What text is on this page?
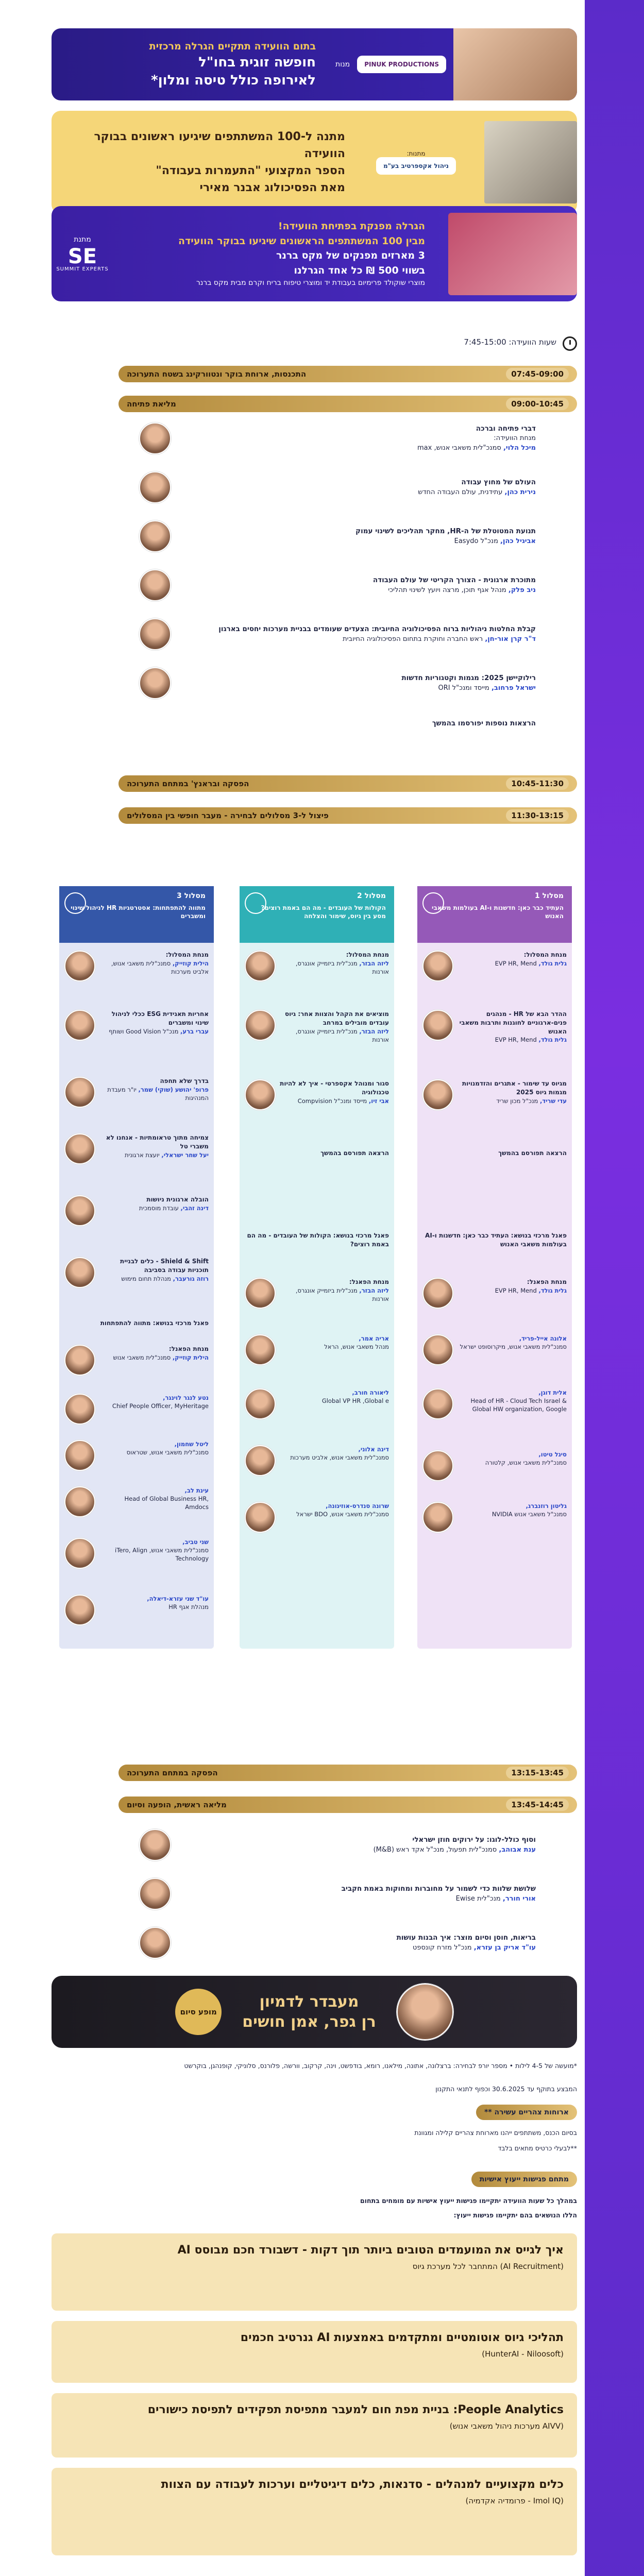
PINUK PRODUCTIONS
מנות
בתום הוועידה תתקיים הגרלה מרכזית
חופשה זוגית בחו"ל
לאירופה כולל טיסה ומלון*
מתנות:
ניהול אקספרטיב בע"מ
מתנה ל-100 המשתתפים שיגיעו ראשונים בבוקר הוועידה
הספר המקצועי "התעמרות בעבודה"
מאת הפסיכולוג אבנר מאירי
הגרלה מפנקת בפתיחת הוועידה!
מבין 100 המשתתפים הראשונים שיגיעו בבוקר הוועידה
3 מארזים מפנקים של מקס ברנר
בשווי 500 ₪ כל אחד הגרלנו

מוצרי שוקולד פרימיום בעבודת יד ומוצרי טיפוח בריח וקרם מבית מקס ברנר

מתנת
SE
SUMMIT EXPERTS
שעות הוועידה: 7:45-15:00
07:45-09:00
התכנסות, ארוחת בוקר ונטוורקינג בשטח התערוכה
09:00-10:45
מליאת פתיחה
דברי פתיחה וברכה
מנחת הוועידה:
מיכל הלוי, סמנכ"לית משאבי אנוש, max
העולם של מחוץ עבודה
נירית כהן, עתידנית, עולם העבודה החדש
תנועת המטוטלת של ה-HR, מחקר תהליכים לשינוי עמוק
אביגיל כהן, מנכ"ל Easydo
מתוכרת ארגונית - הצורך הקריטי של עולם העבודה
ניב פלק, מנהל אגף תוכן, מרצה ויועץ לשינוי תהליכי
קבלת החלטות ניהוליות ברוח הפסיכולוגיה החיובית: הצעדים שעומדים בבניית מערכות יחסים בארגון
ד"ר קרן אור-חן, ראש החברה וחוקרת בתחום הפסיכולוגיה החיובית
רילוקיישן 2025: מגמות וקטגוריות חדשות
ישראל פרחוב, מייסד ומנכ"ל ORI
הרצאות נוספות יפורסמו בהמשך
10:45-11:30
הפסקה ובראנץ' במתחם התערוכה
11:30-13:15
פיצול ל-3 מסלולים לבחירה - מעבר חופשי בין המסלולים
מסלול 1
העתיד כבר כאן: חדשנות ו-AI בעולמות משאבי האנוש
מנחת המסלול:
גלית גולד, EVP HR, Mend
ההדר הבא של HR - מנהגים פנים-ארגוניים לחוגנות ותרבות משאבי האנוש
גלית גולד, EVP HR, Mend
מגיוס עד שימור - אתגרים והזדמנויות מגמות גיוס 2025
עדי שריד, מנכ"ל מכון שריד
הרצאה תפורסם בהמשך
פאנל מרכזי בנושא: העתיד כבר כאן: חדשנות ו-AI בעולמות משאבי האנוש
מנחת הפאנל:
גלית גולד, EVP HR, Mend
אלונה אייל-פריד,
סמנכ"לית משאבי אנוש, מיקרוסופט ישראל
אלית דוגן,
Head of HR - Cloud Tech Israel & Global HW organization, Google
סיגל טיטו,
סמנכ"לית משאבי אנוש, קלטורה
גליטון רוזנברג,
סמנכ"ל משאבי אנוש NVIDIA
מסלול 2
הקולות של העובדים - מה הם באמת רוצים? מסע בין גיוס, שימור והצלחה
מנחת המסלול:
ליזה הבזר, מנכ"לית ביזמייק אונגרס, אורנות
מוציאים את הקהל והצוות אחר: גיוס עובדים מובילים במרחב
ליזה הבזר, מנכ"לית ביזמייק אונגרס, אורנות
סגור ומנוהל אקספרטי - איך לא להיות טכנולוגיה
אבי זיו, מייסד ומנכ"ל Compvision
הרצאה תפורסם בהמשך
פאנל מרכזי בנושא: הקולות של העובדים - מה הם באמת רוצים?
מנחת הפאנל:
ליזה הבזר, מנכ"לית ביזמייק אונגרס, אורנות
אריה אמר,
מנהל משאבי אנוש, הראל
ליאורה חורב,
Global VP HR ,Global e
דינה אלוני,
סמנכ"לית משאבי אנוש, אלביט מערכות
שרונה סנדרס-אוזיגונה,
סמנכ"לית משאבי אנוש, BDO ישראל
מסלול 3
מתווה להתפתחות: אסטרטגיות HR לניהול שינוי ומשברים
מנחת המסלול:
הילית קוזייק, סמנכ"לית משאבי אנוש, אלביט מערכות
אחריות תאגידית ESG ככלי לניהול שינוי ומשברים
עברי ברע, מנכ"ל Good Vision ושותף
בדרך שלא תחפה
פרופ' יהושע (שוקי) שמר, יו"ר מעבדת המנהיגות
צמיחה מתוך טראומתיות - אנחנו לא משברי טל
יעל שחר ישראלי, יועצת ארגונית
הובלה ארגונית ניושות
דינה זהבי, עובדת מוסמכית
Shield & Shift - כלים לבניית תוכניות עבודה בסביבה
רוזה גורעבר, מנהלת תחום מימוש
פאנל מרכזי בנושא: מתווה להתפתחות
מנחת הפאנל:
הילית קוזייק, סמנכ"לית משאבי אנוש
נטע לנגר לוינגר,
Chief People Officer, MyHeritage
ליטל שחמון,
סמנכ"לית משאבי אנוש, שטראוס
עינת לב,
Head of Global Business HR, Amdocs
שני טביב,
סמנכ"לית משאבי אנוש, iTero, Align Technology
עו"ד שני עזרא-דיאלה,
מנהלת אגף HR
13:15-13:45
הפסקה במתחם התערוכה
13:45-14:45
מליאה ראשית, הופעה וסיום
וסוף כולל-לוגו: על ירוקים חוזן ישראלי
ענת אבוהב, סמנכ"לית תפעול, מנכ"ל אקד ראש (M&B)
שלושת שלוות כדי לשמור על מחוברות ומחוקות באמת חקביב
אורי חורר, מנכ"לית Ewise
בריאות, חוסן וסיום מוצר: איך הבנות עושות
עו"ד אריק בן עזרא, מנכ"ל מזרח קונספט
מעבדר לדמיון
רן גפר, אמן חושים
מופע סיום
*מועשה של 4-5 לילות • מספר יורפ לבחירה: ברצלונה, אתונה, מילאנו, רומא, בודפשט, וינה, קרקוב, וורשה, פלורנס, סלוניקי, קופנהגן, בוקרשט
המבצע בתוקף עד 30.6.2025 וכפוף לתנאי התקנון
ארוחות צהריים עשירה **
בסיום הכנס, משתתפים ייהנו מארוחת צהריים קלילה ומגוונת
**לבעלי כרטיס מתאים בלבד
מתחם פגישות ייעוץ אישיות
במהלך כל שעות הוועידה יתקיימו פגישות ייעוץ אישיות עם מומחים בתחום
הללו הנושאים בהם יתקיימו פגישות ייעוץ:
איך לגייס את המועמדים הטובים ביותר תוך דקות - דשבורד חכם מבוסס AI
(AI Recruitment) המתחבר לכל מערכת גיוס
תהליכי גיוס אוטומטיים ומתקדמים באמצעות AI גנרטיב חכמים
(HunterAI - Niloosoft)
People Analytics: בניית מפת חום למעבר מתפיסת תפקידים לתפיסת כישורים
(AIVV מערכות ניהול משאבי אנוש)
כלים מקצועיים למנהלים - סדנאות, כלים דיגיטליים וערכות לעבודה עם הצוות
(Imol IQ - פרומדיה אקדמיה)
